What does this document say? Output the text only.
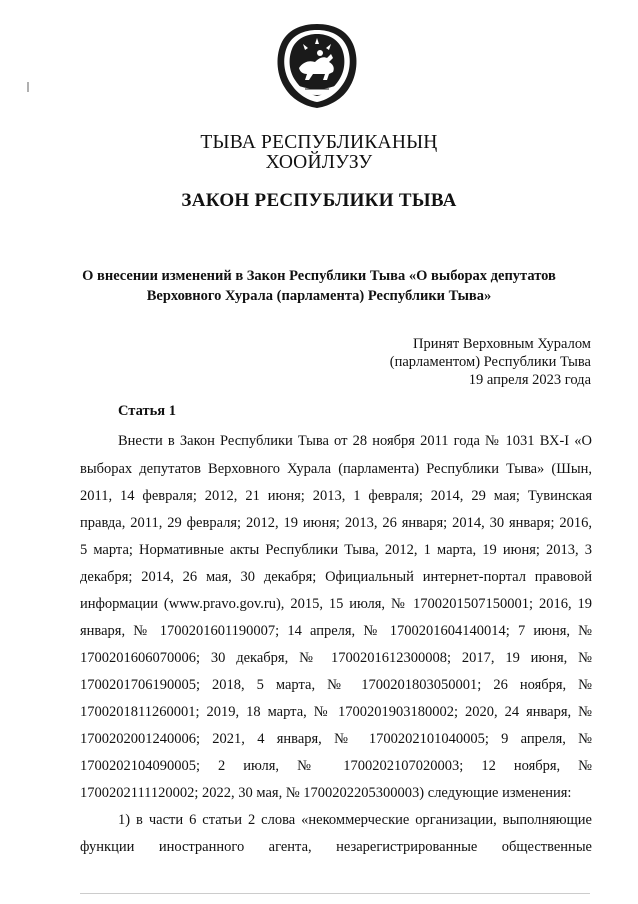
ТЫВА РЕСПУБЛИКАНЫҢ
ХООЙЛУЗУ
ЗАКОН РЕСПУБЛИКИ ТЫВА
О внесении изменений в Закон Республики Тыва «О выборах депутатов
Верховного Хурала (парламента) Республики Тыва»
Принят Верховным Хуралом
(парламентом) Республики Тыва
19 апреля 2023 года
Статья 1
Внести в Закон Республики Тыва от 28 ноября 2011 года № 1031 ВХ-I «О
выборах депутатов Верховного Хурала (парламента) Республики Тыва» (Шын,
2011, 14 февраля; 2012, 21 июня; 2013, 1 февраля; 2014, 29 мая; Тувинская
правда, 2011, 29 февраля; 2012, 19 июня; 2013, 26 января; 2014, 30 января; 2016,
5 марта; Нормативные акты Республики Тыва, 2012, 1 марта, 19 июня; 2013, 3
декабря; 2014, 26 мая, 30 декабря; Официальный интернет-портал правовой
информации (www.pravo.gov.ru), 2015, 15 июля, № 1700201507150001; 2016, 19
января, № 1700201601190007; 14 апреля, № 1700201604140014; 7 июня, №
1700201606070006; 30 декабря, № 1700201612300008; 2017, 19 июня, №
1700201706190005; 2018, 5 марта, № 1700201803050001; 26 ноября, №
1700201811260001; 2019, 18 марта, № 1700201903180002; 2020, 24 января, №
1700202001240006; 2021, 4 января, № 1700202101040005; 9 апреля, №
1700202104090005; 2 июля, № 1700202107020003; 12 ноября, №
1700202111120002; 2022, 30 мая, № 1700202205300003) следующие изменения:
1) в части 6 статьи 2 слова «некоммерческие организации, выполняющие
функции иностранного агента, незарегистрированные общественные
